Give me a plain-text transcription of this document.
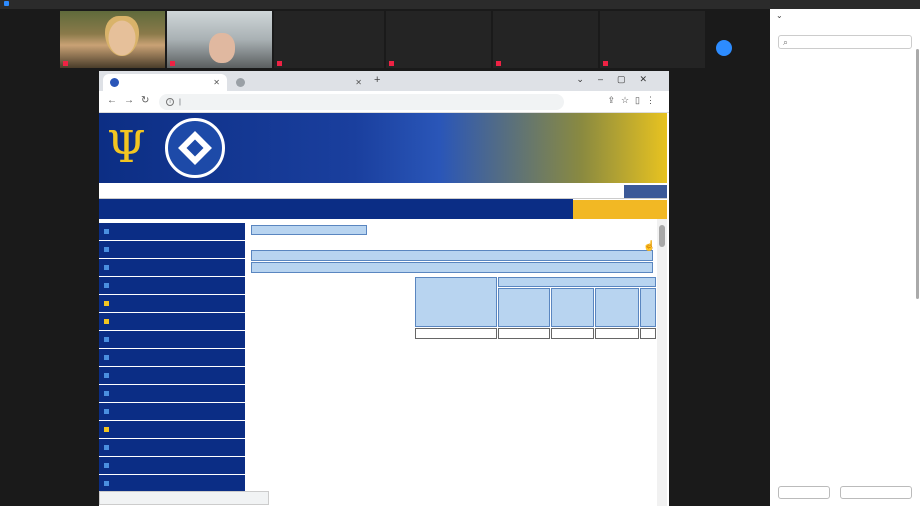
✕	✕ +	⌄–▢✕
← → ↻	i	|	⇪☆▯⋮
Ψ
☝
⌄
⌕
